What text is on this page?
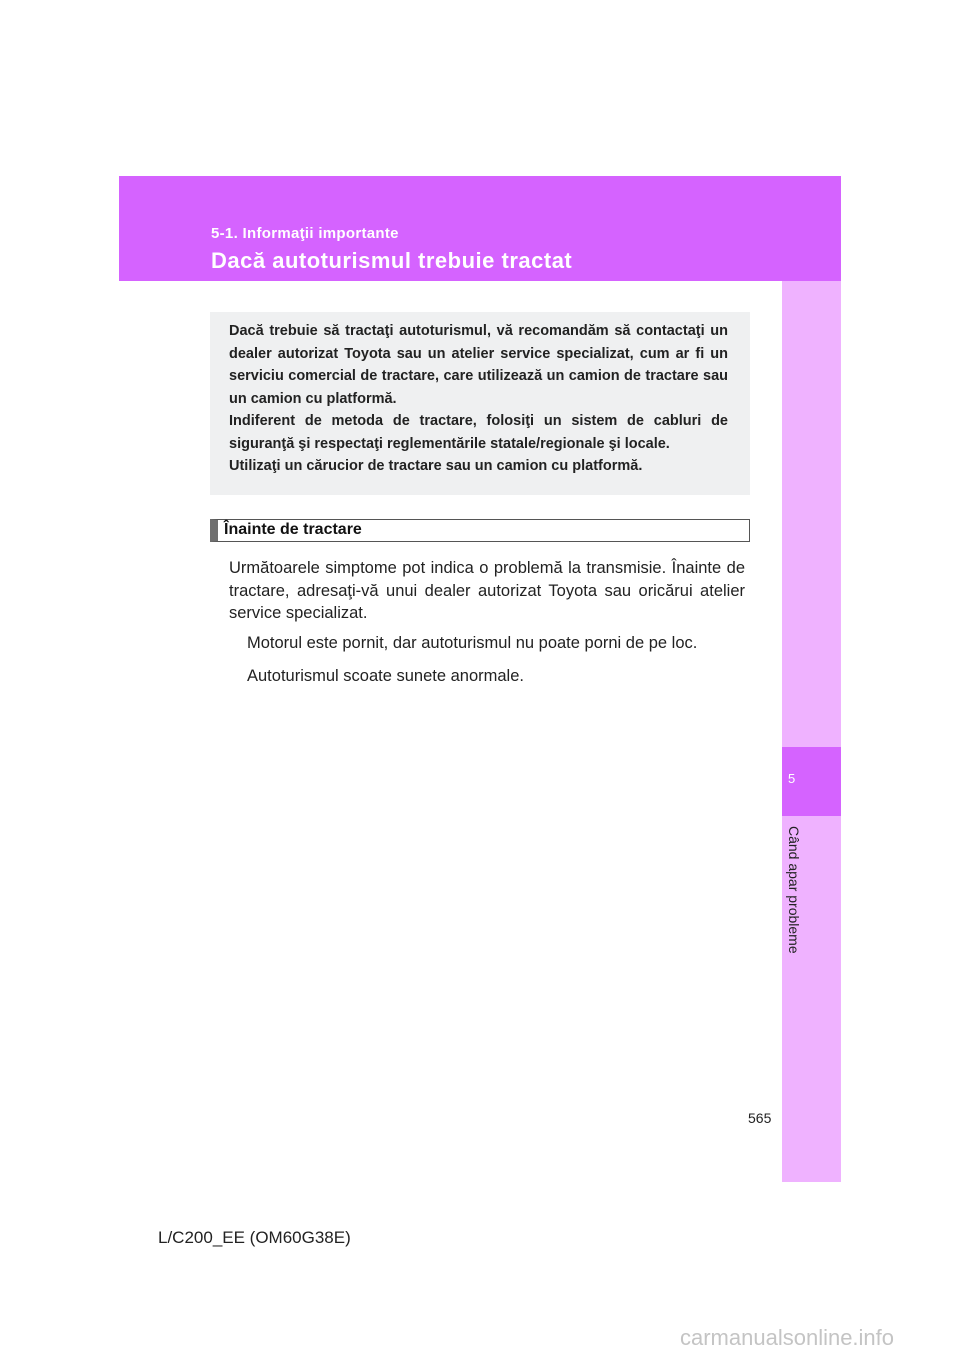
5-1. Informaţii importante
Dacă autoturismul trebuie tractat
5
Când apar probleme

Dacă trebuie să tractaţi autoturismul, vă recomandăm să contactaţi un dealer autorizat Toyota sau un atelier service specializat, cum ar fi un serviciu comercial de tractare, care utilizează un camion de tractare sau un camion cu platformă.

Indiferent de metoda de tractare, folosiţi un sistem de cabluri de siguranţă şi respectaţi reglementările statale/regionale şi locale.

Utilizaţi un cărucior de tractare sau un camion cu platformă.

Înainte de tractare

Următoarele simptome pot indica o problemă la transmisie. Înainte de tractare, adresaţi-vă unui dealer autorizat Toyota sau oricărui atelier service specializat.

Motorul este pornit, dar autoturismul nu poate porni de pe loc.

Autoturismul scoate sunete anormale.

565
L/C200_EE (OM60G38E)
carmanualsonline.info
